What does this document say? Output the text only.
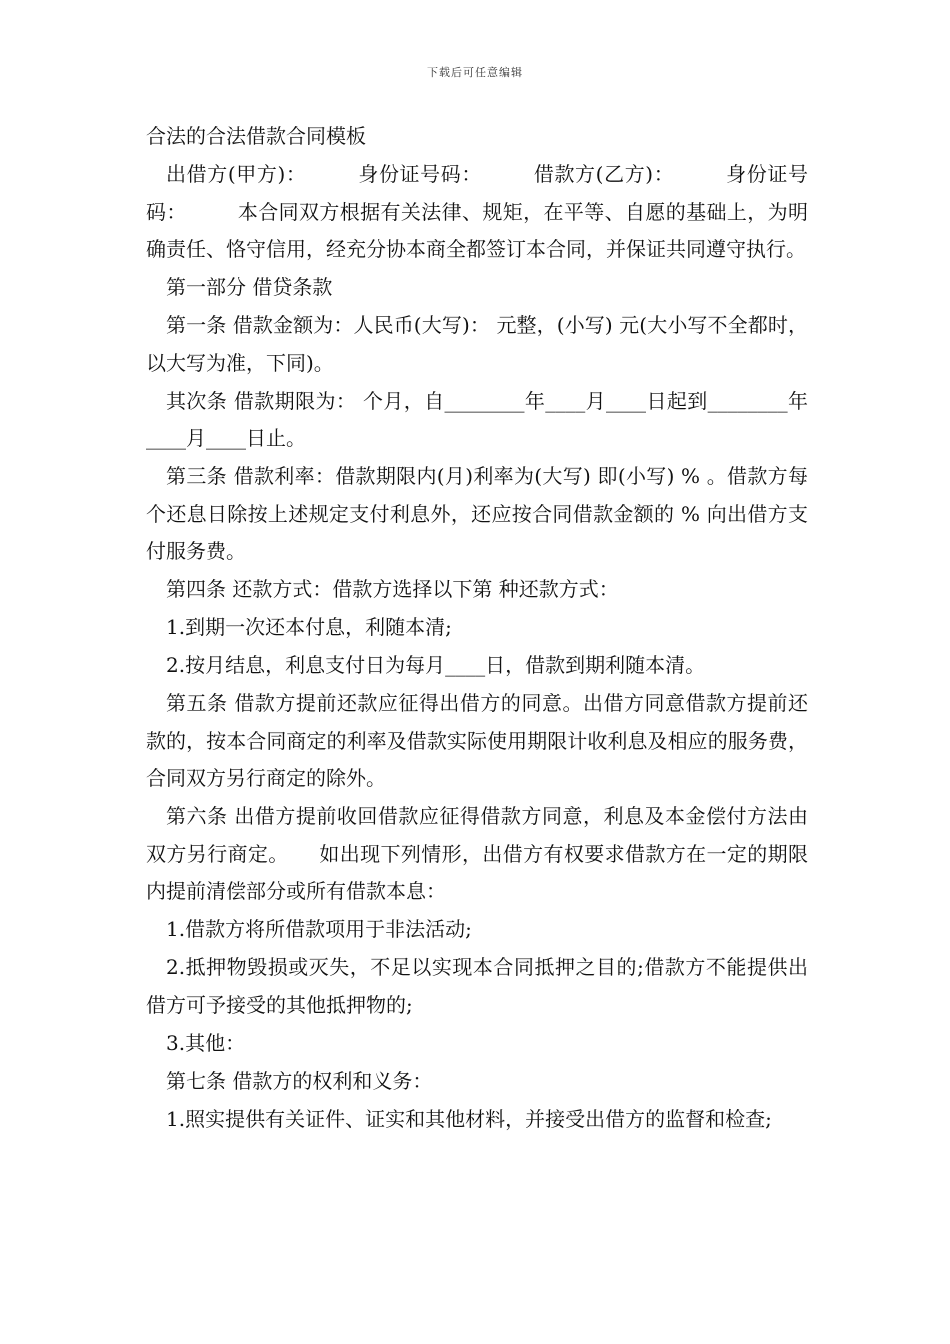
下载后可任意编辑
合法的合法借款合同模板

出借方(甲方)：　　　身份证号码：　　　借款方(乙方)：　　　身份证号码：　　　本合同双方根据有关法律、规矩，在平等、自愿的基础上，为明确责任、恪守信用，经充分协本商全都签订本合同，并保证共同遵守执行。

第一部分 借贷条款

第一条 借款金额为：人民币(大写)： 元整，(小写) 元(大小写不全都时，以大写为准，下同)。

其次条 借款期限为： 个月，自________年____月____日起到________年____月____日止。

第三条 借款利率：借款期限内(月)利率为(大写) 即(小写) % 。借款方每个还息日除按上述规定支付利息外，还应按合同借款金额的 % 向出借方支付服务费。

第四条 还款方式：借款方选择以下第 种还款方式：

1.到期一次还本付息，利随本清;

2.按月结息，利息支付日为每月____日，借款到期利随本清。

第五条 借款方提前还款应征得出借方的同意。出借方同意借款方提前还款的，按本合同商定的利率及借款实际使用期限计收利息及相应的服务费，合同双方另行商定的除外。

第六条 出借方提前收回借款应征得借款方同意，利息及本金偿付方法由双方另行商定。　　如出现下列情形，出借方有权要求借款方在一定的期限内提前清偿部分或所有借款本息：

1.借款方将所借款项用于非法活动;

2.抵押物毁损或灭失，不足以实现本合同抵押之目的;借款方不能提供出借方可予接受的其他抵押物的;

3.其他：

第七条 借款方的权利和义务：

1.照实提供有关证件、证实和其他材料，并接受出借方的监督和检查;
